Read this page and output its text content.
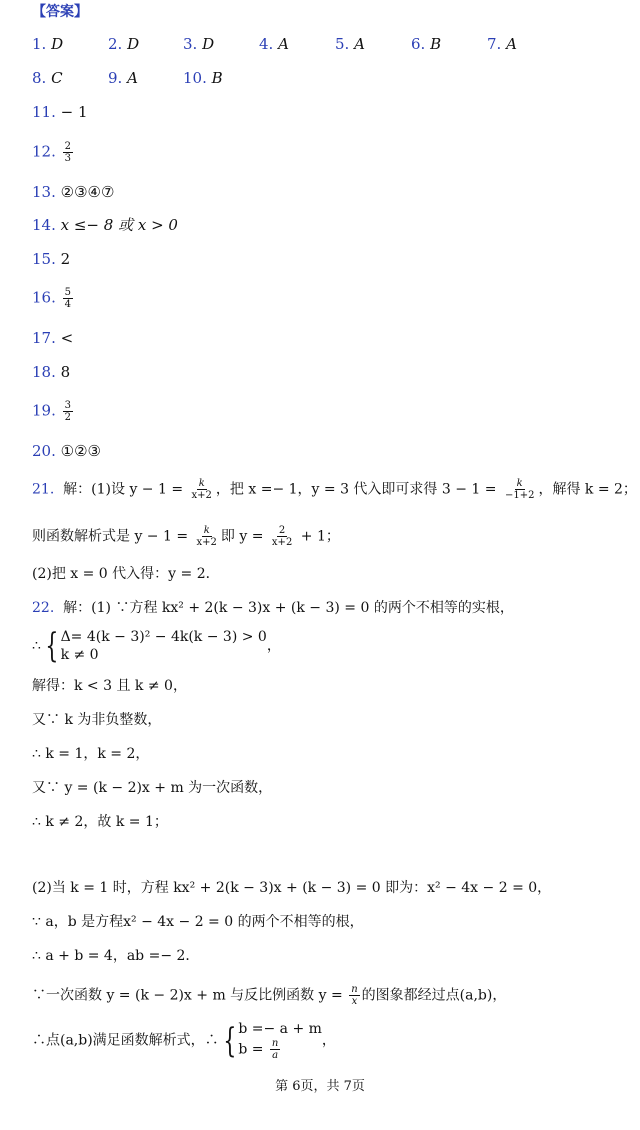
【答案】
1. D	2. D	3. D	4. A	5. A	6. B	7. A
8. C	9. A	10. B
11. − 1
12. $\frac{2}{3}$
13. ②③④⑦
14. x ≤− 8 或 x > 0
15. 2
16. $\frac{5}{4}$
17. <
18. 8
19. $\frac{3}{2}$
20. ①②③
21. 解：(1)设 $y - 1 = \frac{k}{x+2}$ ，把 x =− 1，y = 3 代入即可求得 $3 - 1 = \frac{k}{-1+2}$ ，解得 k = 2；
则函数解析式是 $y - 1 = \frac{k}{x+2}$ 即 $y = \frac{2}{x+2} + 1$；
(2)把 x = 0 代入得：y = 2．
22. 解：(1) ∵方程 kx² + 2(k − 3)x + (k − 3) = 0 的两个不相等的实根，
∴ { Δ= 4(k − 3)² − 4k(k − 3) > 0
k ≠ 0
，
解得：k < 3 且 k ≠ 0，
又∵ k 为非负整数，
∴ k = 1，k = 2，
又∵ y = (k − 2)x + m 为一次函数，
∴ k ≠ 2，故 k = 1；
(2)当 k = 1 时，方程 kx² + 2(k − 3)x + (k − 3) = 0 即为：x² − 4x − 2 = 0，
∵ a，b 是方程x² − 4x − 2 = 0 的两个不相等的根，
∴ a + b = 4，ab =− 2．
∵一次函数 y = (k − 2)x + m 与反比例函数 $y = \frac{n}{x}$ 的图象都经过点(a,b)，
∴点(a,b)满足函数解析式，∴ { b =− a + m
$b = \frac{n}{a}$	，
第 6页，共 7页
